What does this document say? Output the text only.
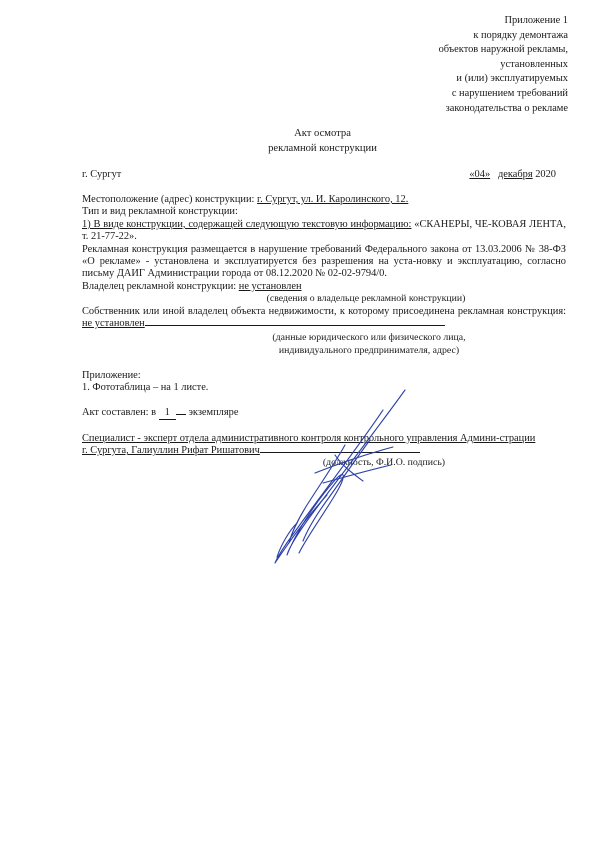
Приложение 1
к порядку демонтажа
объектов наружной рекламы,
установленных
и (или) эксплуатируемых
с нарушением требований
законодательства о рекламе
Акт осмотра
рекламной конструкции
г. Сургут	«04» декабря 2020

Местоположение (адрес) конструкции: г. Сургут, ул. И. Каролинского, 12.

Тип и вид рекламной конструкции:

1) В виде конструкции, содержащей следующую текстовую информацию: «СКАНЕРЫ, ЧЕ-КОВАЯ ЛЕНТА, т. 21-77-22».

Рекламная конструкция размещается в нарушение требований Федерального закона от 13.03.2006 № 38-ФЗ «О рекламе» - установлена и эксплуатируется без разрешения на уста-новку и эксплуатацию, согласно письму ДАИГ Администрации города от 08.12.2020 № 02-02-9794/0.

Владелец рекламной конструкции: не установлен

(сведения о владельце рекламной конструкции)

Собственник или иной владелец объекта недвижимости, к которому присоединена рекламная конструкция: не установлен

(данные юридического или физического лица,

индивидуального предпринимателя, адрес)

Приложение:

1. Фототаблица – на 1 листе.

Акт составлен: в 1 экземпляре

Специалист - эксперт отдела административного контроля контрольного управления Админи-страции

г. Сургута, Галиуллин Рифат Ришатович

(должность, Ф.И.О. подпись)
